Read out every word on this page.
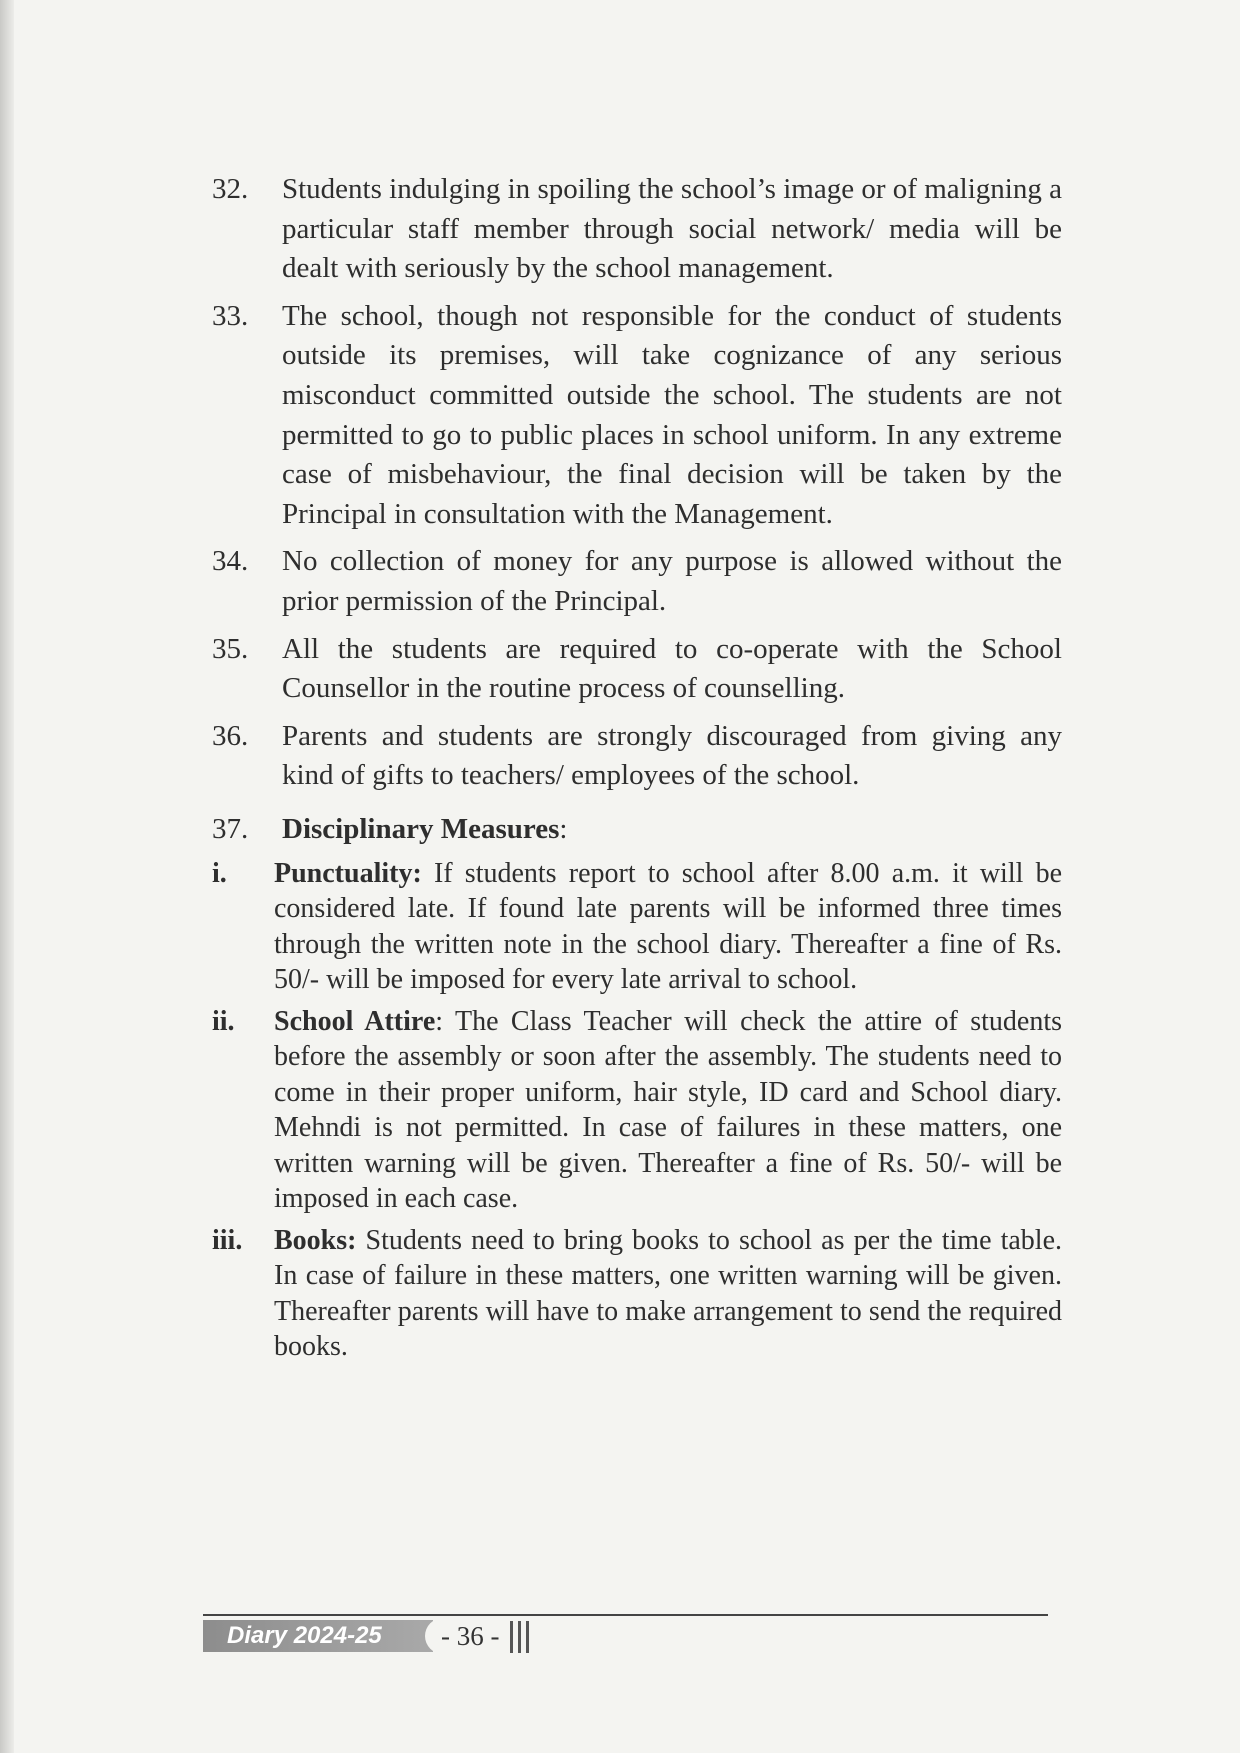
32. Students indulging in spoiling the school’s image or of maligning a particular staff member through social network/ media will be dealt with seriously by the school management.
33. The school, though not responsible for the conduct of students outside its premises, will take cognizance of any serious misconduct committed outside the school. The students are not permitted to go to public places in school uniform. In any extreme case of misbehaviour, the final decision will be taken by the Principal in consultation with the Management.
34. No collection of money for any purpose is allowed without the prior permission of the Principal.
35. All the students are required to co-operate with the School Counsellor in the routine process of counselling.
36. Parents and students are strongly discouraged from giving any kind of gifts to teachers/ employees of the school.
37. Disciplinary Measures:
i. Punctuality: If students report to school after 8.00 a.m. it will be considered late. If found late parents will be informed three times through the written note in the school diary. Thereafter a fine of Rs. 50/- will be imposed for every late arrival to school.
ii. School Attire: The Class Teacher will check the attire of students before the assembly or soon after the assembly. The students need to come in their proper uniform, hair style, ID card and School diary. Mehndi is not permitted. In case of failures in these matters, one written warning will be given. Thereafter a fine of Rs. 50/- will be imposed in each case.
iii. Books: Students need to bring books to school as per the time table. In case of failure in these matters, one written warning will be given. Thereafter parents will have to make arrangement to send the required books.
Diary 2024-25	- 36 -
